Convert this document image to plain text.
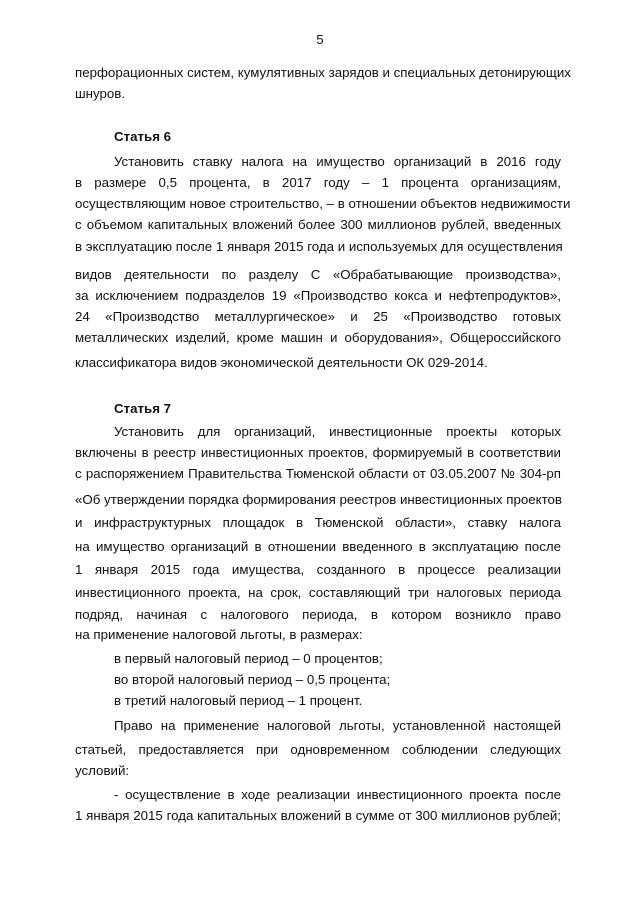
5
перфорационных систем, кумулятивных зарядов и специальных детонирующих
шнуров.
Статья 6
Установить ставку налога на имущество организаций в 2016 году
в размере 0,5 процента, в 2017 году – 1 процента организациям,
осуществляющим новое строительство, – в отношении объектов недвижимости
с объемом капитальных вложений более 300 миллионов рублей, введенных
в эксплуатацию после 1 января 2015 года и используемых для осуществления
видов деятельности по разделу С «Обрабатывающие производства»,
за исключением подразделов 19 «Производство кокса и нефтепродуктов»,
24 «Производство металлургическое» и 25 «Производство готовых
металлических изделий, кроме машин и оборудования», Общероссийского
классификатора видов экономической деятельности ОК 029-2014.
Статья 7
Установить для организаций, инвестиционные проекты которых
включены в реестр инвестиционных проектов, формируемый в соответствии
с распоряжением Правительства Тюменской области от 03.05.2007 № 304-рп
«Об утверждении порядка формирования реестров инвестиционных проектов
и инфраструктурных площадок в Тюменской области», ставку налога
на имущество организаций в отношении введенного в эксплуатацию после
1 января 2015 года имущества, созданного в процессе реализации
инвестиционного проекта, на срок, составляющий три налоговых периода
подряд, начиная с налогового периода, в котором возникло право
на применение налоговой льготы, в размерах:
в первый налоговый период – 0 процентов;
во второй налоговый период – 0,5 процента;
в третий налоговый период – 1 процент.
Право на применение налоговой льготы, установленной настоящей
статьей, предоставляется при одновременном соблюдении следующих
условий:
- осуществление в ходе реализации инвестиционного проекта после
1 января 2015 года капитальных вложений в сумме от 300 миллионов рублей;
